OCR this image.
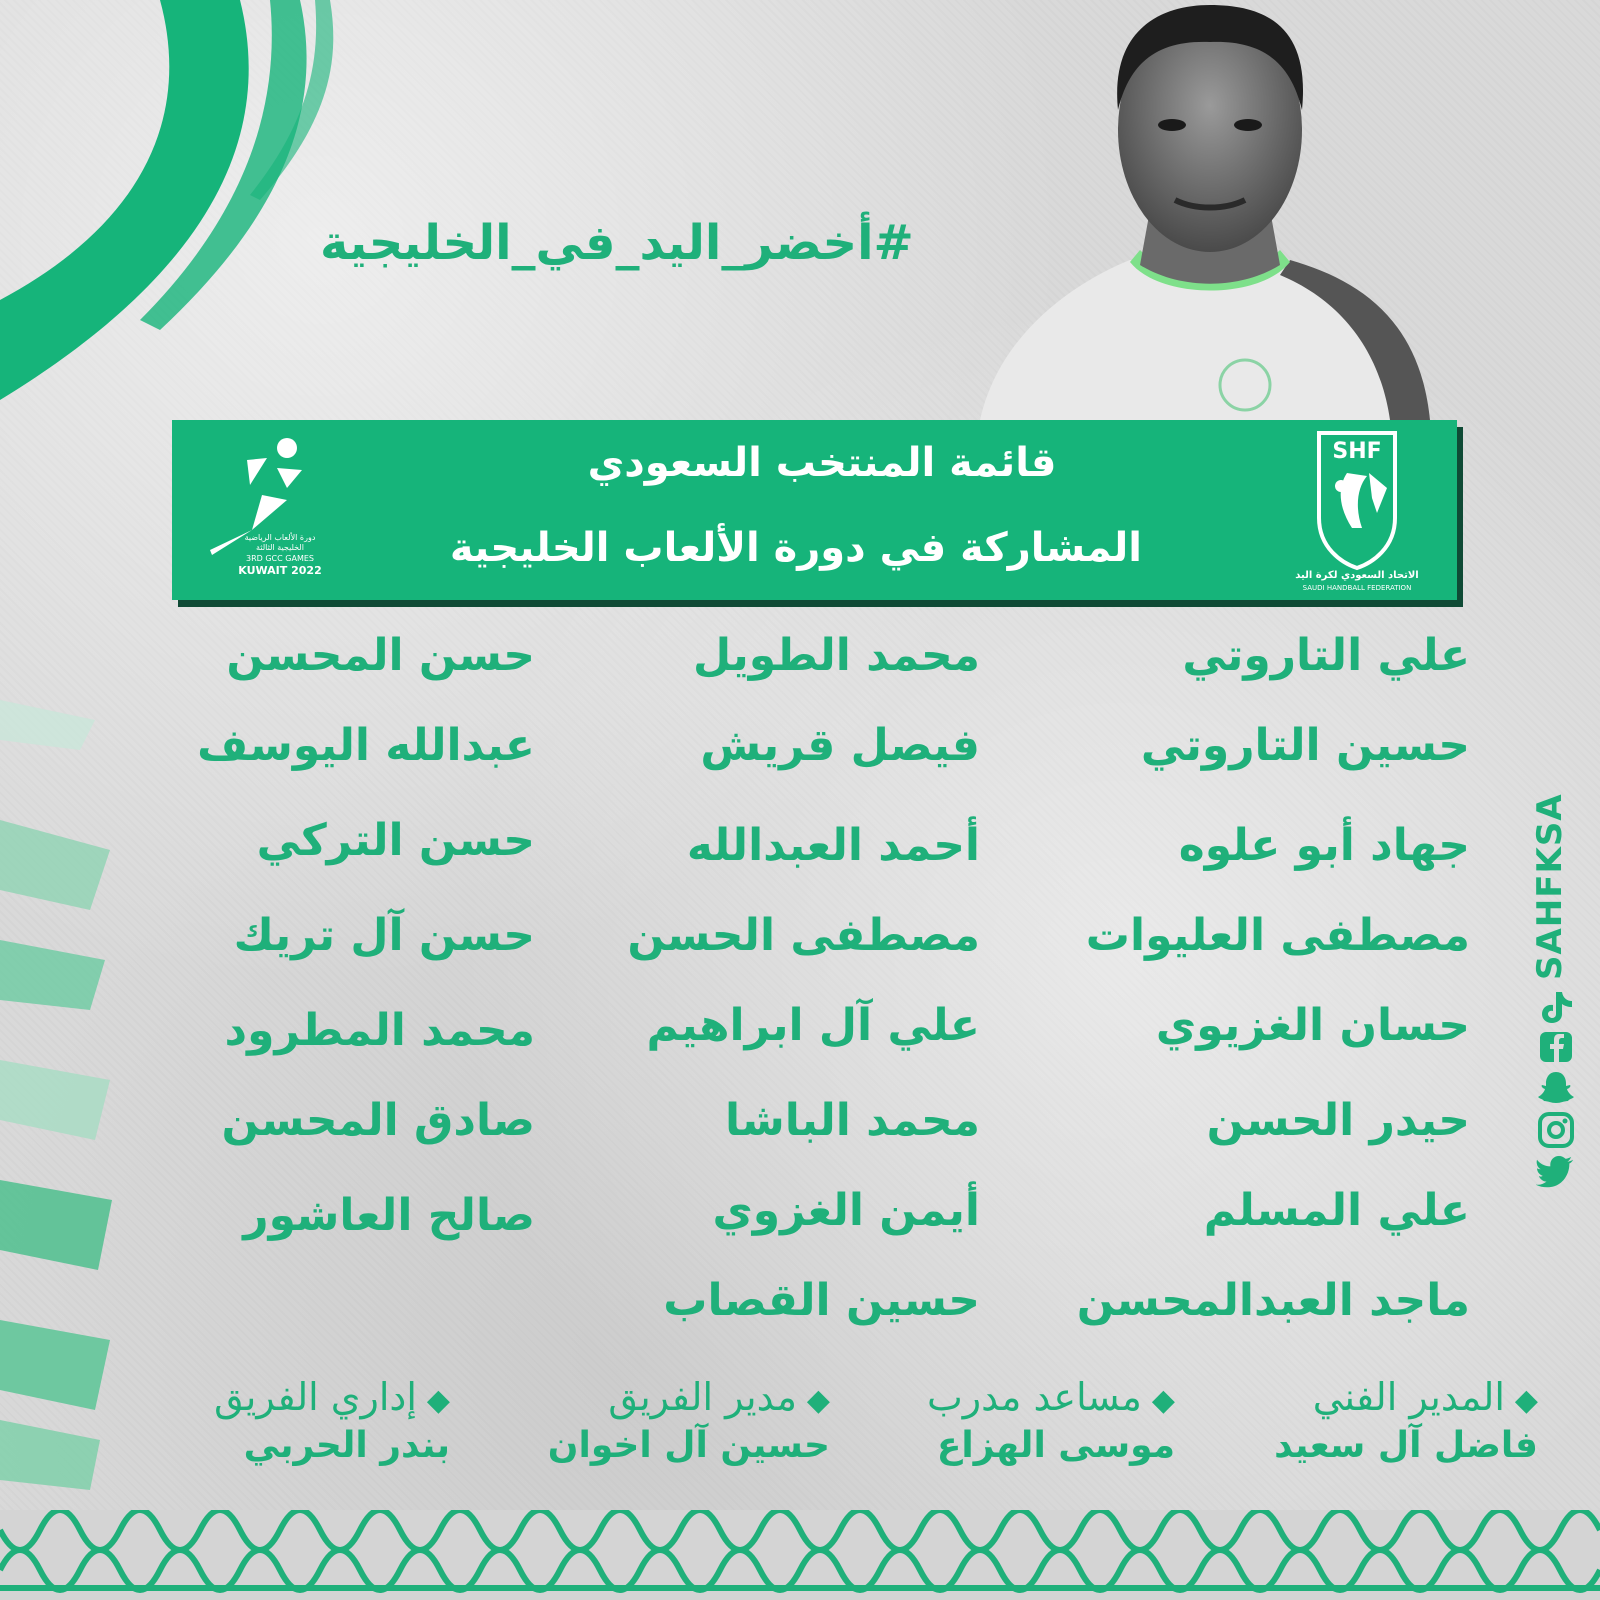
#أخضر_اليد_في_الخليجية
دورة الألعاب الرياضية
الخليجية الثالثة
3RD GCC GAMES
KUWAIT 2022
قائمة المنتخب السعودي
المشاركة في دورة الألعاب الخليجية
SHF
الاتحاد السعودي لكرة اليد
SAUDI HANDBALL FEDERATION
علي التاروتي
حسين التاروتي
جهاد أبو علوه
مصطفى العليوات
حسان الغزيوي
حيدر الحسن
علي المسلم
ماجد العبدالمحسن
محمد الطويل
فيصل قريش
أحمد العبدالله
مصطفى الحسن
علي آل ابراهيم
محمد الباشا
أيمن الغزوي
حسين القصاب
حسن المحسن
عبدالله اليوسف
حسن التركي
حسن آل تريك
محمد المطرود
صادق المحسن
صالح العاشور
◆المدير الفني
فاضل آل سعيد
◆مساعد مدرب
موسى الهزاع
◆مدير الفريق
حسين آل اخوان
◆إداري الفريق
بندر الحربي
SAHFKSA
